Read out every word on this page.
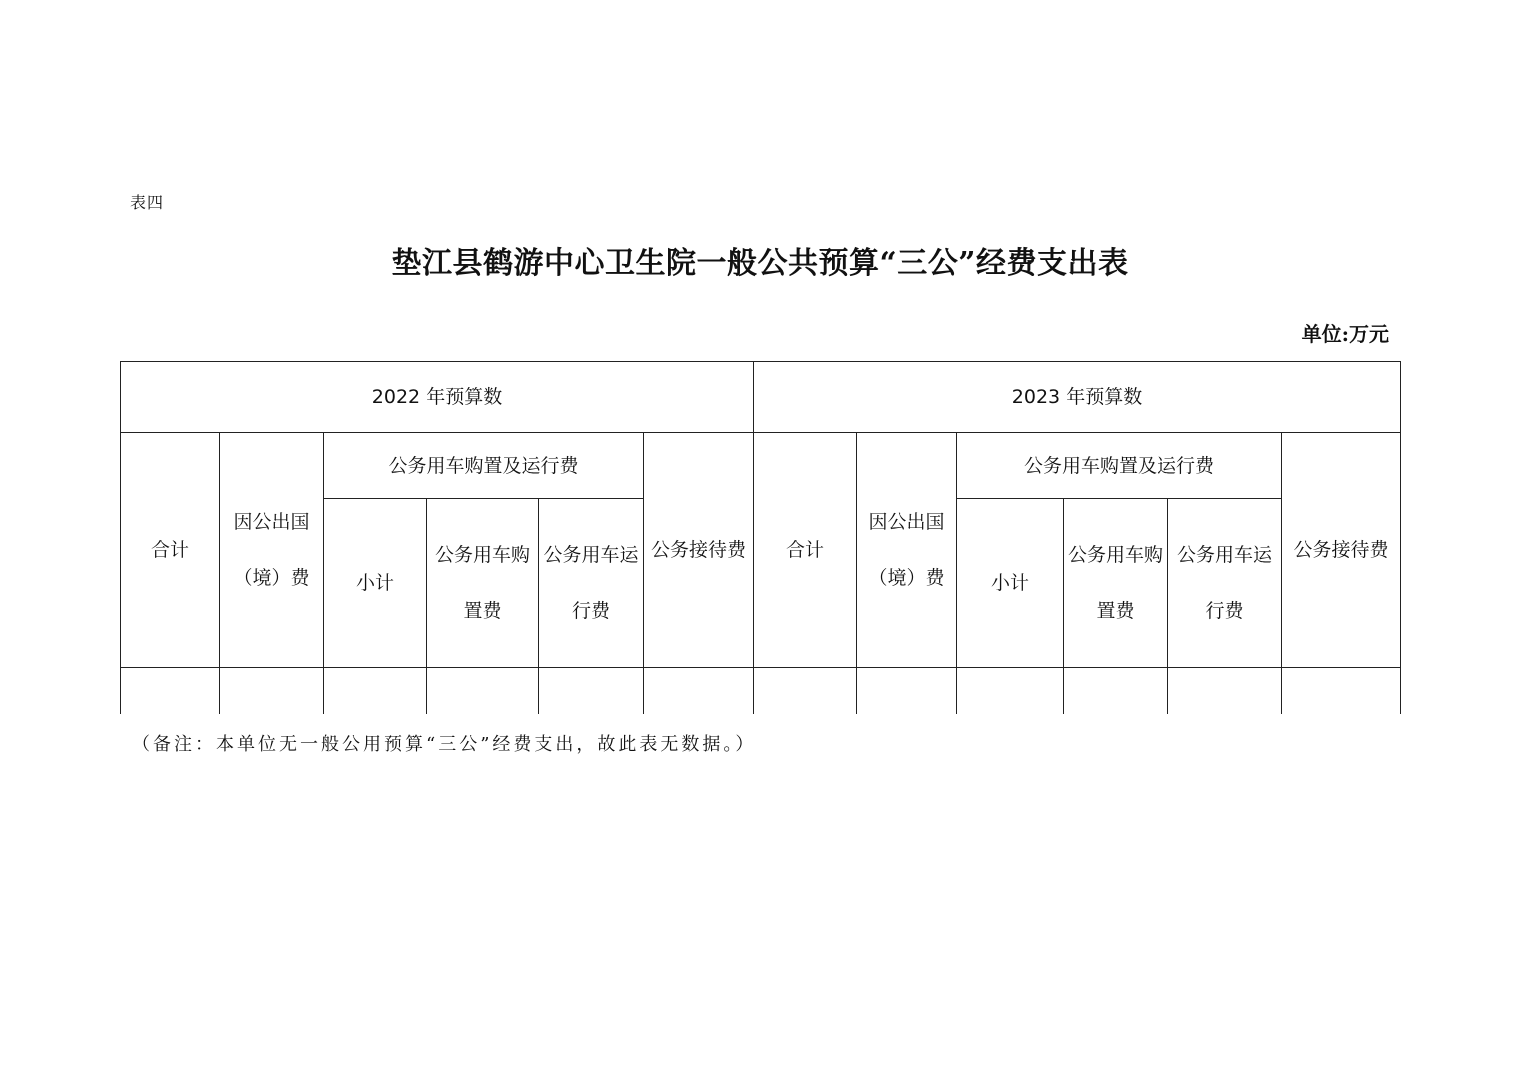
表四
垫江县鹤游中心卫生院一般公共预算“三公”经费支出表
单位:万元
2022 年预算数						2023 年预算数					
合计	因公出国（境）费	公务用车购置及运行费			公务接待费	合计	因公出国（境）费	公务用车购置及运行费			公务接待费
		小计	公务用车购置费	公务用车运行费				小计	公务用车购置费	公务用车运行费	

（备注：本单位无一般公用预算“三公”经费支出，故此表无数据。）
